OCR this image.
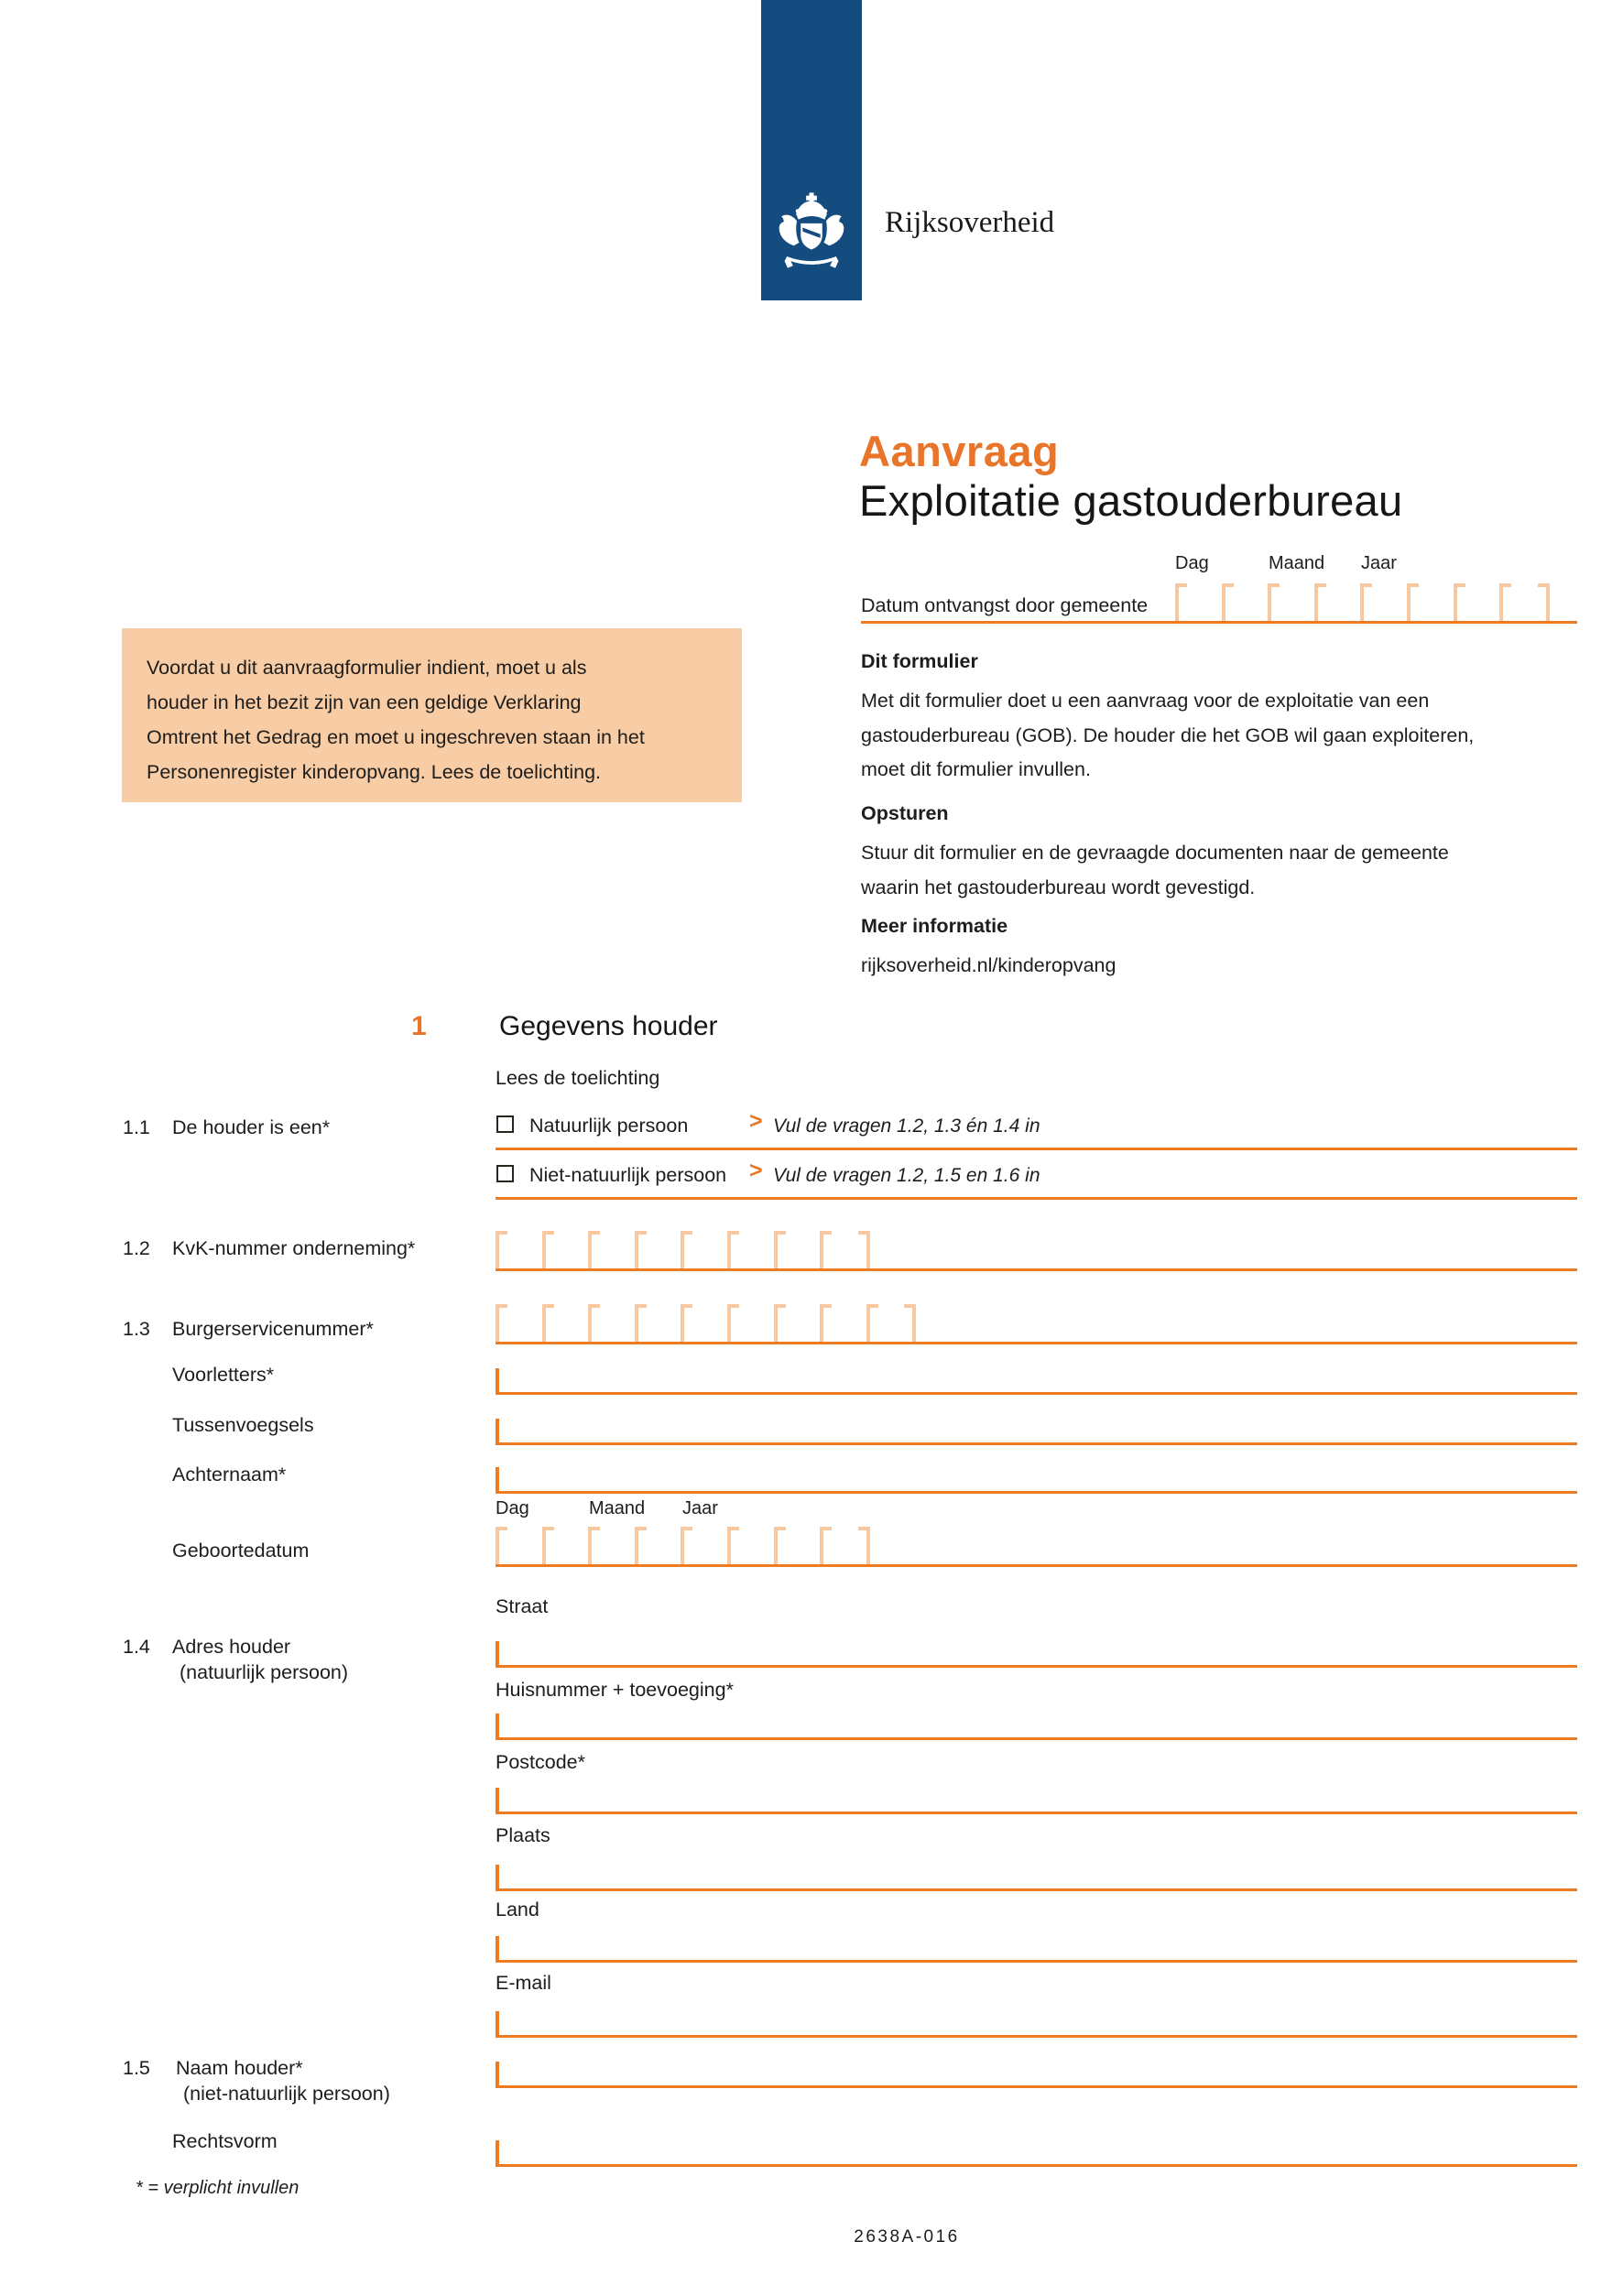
Rijksoverheid
Aanvraag
Exploitatie gastouderbureau
Dag	Maand Jaar
Datum ontvangst door gemeente
Voordat u dit aanvraagformulier indient, moet u als
houder in het bezit zijn van een geldige Verklaring
Omtrent het Gedrag en moet u ingeschreven staan in het
Personenregister kinderopvang. Lees de toelichting.
Dit formulier
Met dit formulier doet u een aanvraag voor de exploitatie van een
gastouderbureau (GOB). De houder die het GOB wil gaan exploiteren,
moet dit formulier invullen.
Opsturen
Stuur dit formulier en de gevraagde documenten naar de gemeente
waarin het gastouderbureau wordt gevestigd.
Meer informatie
rijksoverheid.nl/kinderopvang
1	Gegevens houder
Lees de toelichting
1.1 De houder is een*	Natuurlijk persoon >	Vul de vragen 1.2, 1.3 én 1.4 in
Niet-natuurlijk persoon > Vul de vragen 1.2, 1.5 en 1.6 in
1.2 KvK-nummer onderneming*
1.3 Burgerservicenummer*
Voorletters*
Tussenvoegsels
Achternaam*
Dag	Maand Jaar
Geboortedatum
1.4 Adres houder
(natuurlijk persoon)
Straat
Huisnummer + toevoeging*
Postcode*
Plaats
Land
E-mail
1.5 Naam houder*
(niet-natuurlijk persoon)
Rechtsvorm
* = verplicht invullen
2638A-016
